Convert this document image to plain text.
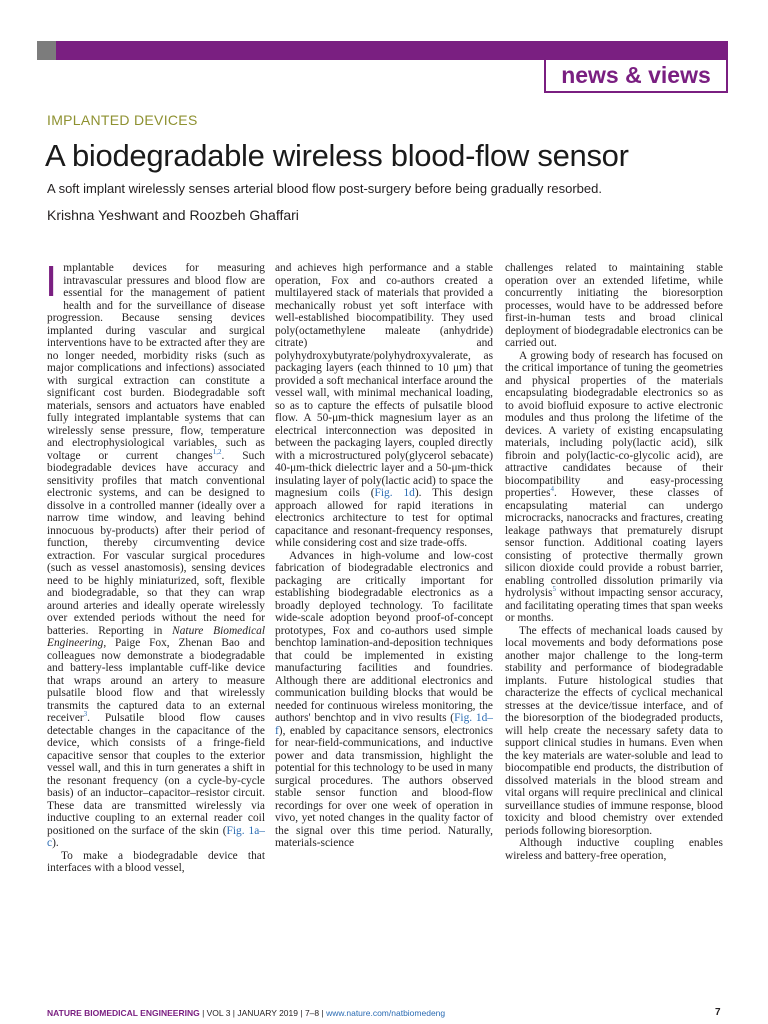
news & views
IMPLANTED DEVICES
A biodegradable wireless blood-flow sensor
A soft implant wirelessly senses arterial blood flow post-surgery before being gradually resorbed.
Krishna Yeshwant and Roozbeh Ghaffari

Implantable devices for measuring intravascular pressures and blood flow are essential for the management of patient health and for the surveillance of disease progression. Because sensing devices implanted during vascular and surgical interventions have to be extracted after they are no longer needed, morbidity risks (such as major complications and infections) associated with surgical extraction can constitute a significant cost burden. Biodegradable soft materials, sensors and actuators have enabled fully integrated implantable systems that can wirelessly sense pressure, flow, temperature and electrophysiological variables, such as voltage or current changes$^{1,2}$. Such biodegradable devices have accuracy and sensitivity profiles that match conventional electronic systems, and can be designed to dissolve in a controlled manner (ideally over a narrow time window, and leaving behind innocuous by-products) after their period of function, thereby circumventing device extraction. For vascular surgical procedures (such as vessel anastomosis), sensing devices need to be highly miniaturized, soft, flexible and biodegradable, so that they can wrap around arteries and ideally operate wirelessly over extended periods without the need for batteries. Reporting in Nature Biomedical Engineering, Paige Fox, Zhenan Bao and colleagues now demonstrate a biodegradable and battery-less implantable cuff-like device that wraps around an artery to measure pulsatile blood flow and that wirelessly transmits the captured data to an external receiver$^3$. Pulsatile blood flow causes detectable changes in the capacitance of the device, which consists of a fringe-field capacitive sensor that couples to the exterior vessel wall, and this in turn generates a shift in the resonant frequency (on a cycle-by-cycle basis) of an inductor–capacitor–resistor circuit. These data are transmitted wirelessly via inductive coupling to an external reader coil positioned on the surface of the skin (Fig. 1a–c).

To make a biodegradable device that interfaces with a blood vessel,

and achieves high performance and a stable operation, Fox and co-authors created a multilayered stack of materials that provided a mechanically robust yet soft interface with well-established biocompatibility. They used poly(octamethylene maleate (anhydride) citrate) and polyhydroxybutyrate/polyhydroxyvalerate, as packaging layers (each thinned to 10 μm) that provided a soft mechanical interface around the vessel wall, with minimal mechanical loading, so as to capture the effects of pulsatile blood flow. A 50-μm-thick magnesium layer as an electrical interconnection was deposited in between the packaging layers, coupled directly with a microstructured poly(glycerol sebacate) 40-μm-thick dielectric layer and a 50-μm-thick insulating layer of poly(lactic acid) to space the magnesium coils (Fig. 1d). This design approach allowed for rapid iterations in electronics architecture to test for optimal capacitance and resonant-frequency responses, while considering cost and size trade-offs.

Advances in high-volume and low-cost fabrication of biodegradable electronics and packaging are critically important for establishing biodegradable electronics as a broadly deployed technology. To facilitate wide-scale adoption beyond proof-of-concept prototypes, Fox and co-authors used simple benchtop lamination-and-deposition techniques that could be implemented in existing manufacturing facilities and foundries. Although there are additional electronics and communication building blocks that would be needed for continuous wireless monitoring, the authors' benchtop and in vivo results (Fig. 1d–f), enabled by capacitance sensors, electronics for near-field-communications, and inductive power and data transmission, highlight the potential for this technology to be used in many surgical procedures. The authors observed stable sensor function and blood-flow recordings for over one week of operation in vivo, yet noted changes in the quality factor of the signal over this time period. Naturally, materials-science

challenges related to maintaining stable operation over an extended lifetime, while concurrently initiating the bioresorption processes, would have to be addressed before first-in-human tests and broad clinical deployment of biodegradable electronics can be carried out.

A growing body of research has focused on the critical importance of tuning the geometries and physical properties of the materials encapsulating biodegradable electronics so as to avoid biofluid exposure to active electronic modules and thus prolong the lifetime of the devices. A variety of existing encapsulating materials, including poly(lactic acid), silk fibroin and poly(lactic-co-glycolic acid), are attractive candidates because of their biocompatibility and easy-processing properties$^4$. However, these classes of encapsulating material can undergo microcracks, nanocracks and fractures, creating leakage pathways that prematurely disrupt sensor function. Additional coating layers consisting of protective thermally grown silicon dioxide could provide a robust barrier, enabling controlled dissolution primarily via hydrolysis$^5$ without impacting sensor accuracy, and facilitating operating times that span weeks or months.

The effects of mechanical loads caused by local movements and body deformations pose another major challenge to the long-term stability and performance of biodegradable implants. Future histological studies that characterize the effects of cyclical mechanical stresses at the device/tissue interface, and of the bioresorption of the biodegraded products, will help create the necessary safety data to support clinical studies in humans. Even when the key materials are water-soluble and lead to biocompatible end products, the distribution of dissolved materials in the blood stream and vital organs will require preclinical and clinical surveillance studies of immune response, blood toxicity and blood chemistry over extended periods following bioresorption.

Although inductive coupling enables wireless and battery-free operation,

NATURE BIOMEDICAL ENGINEERING | VOL 3 | JANUARY 2019 | 7–8 | www.nature.com/natbiomedeng	7
